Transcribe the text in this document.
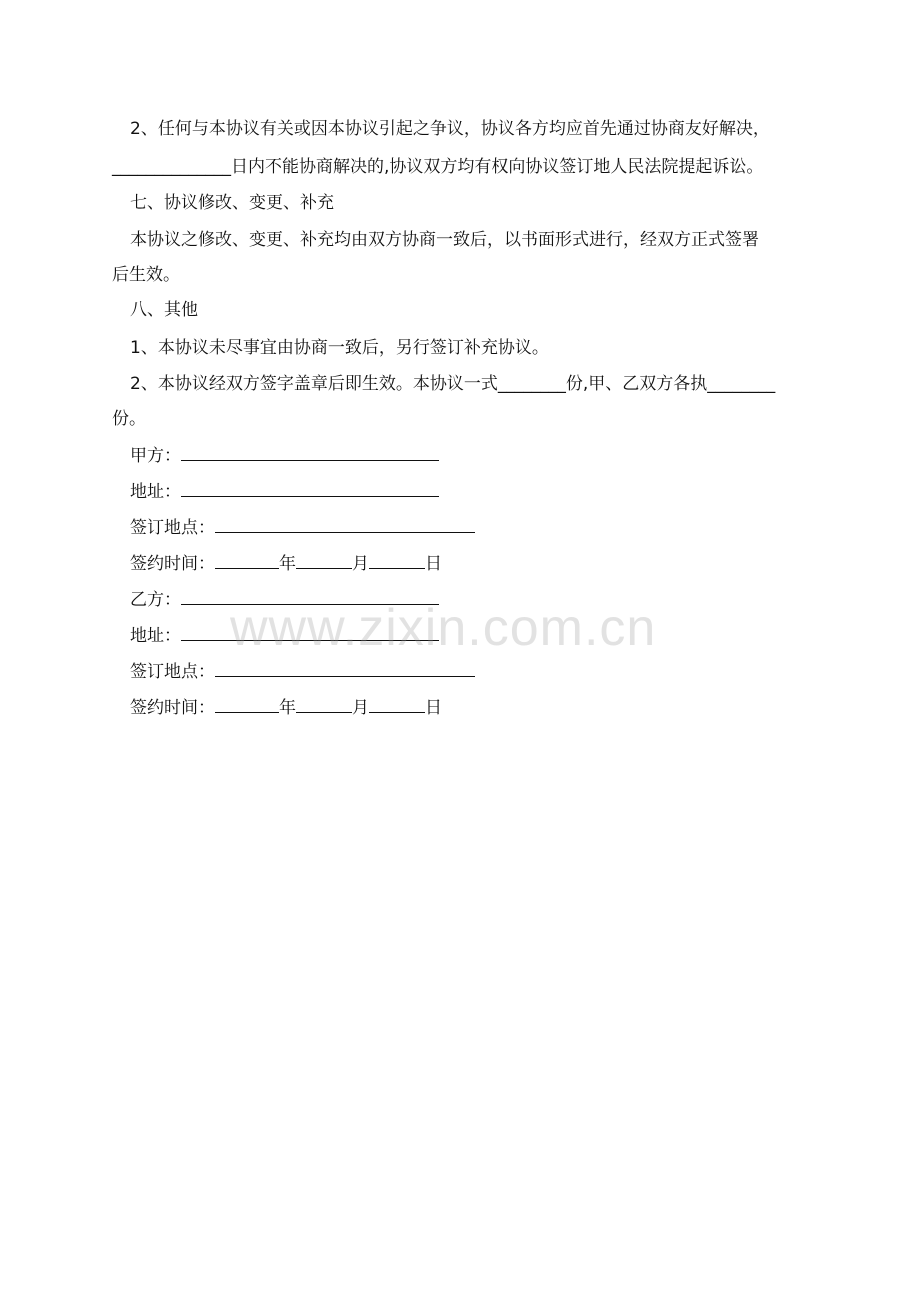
2、任何与本协议有关或因本协议引起之争议，协议各方均应首先通过协商友好解决，
______________日内不能协商解决的,协议双方均有权向协议签订地人民法院提起诉讼。
七、协议修改、变更、补充
本协议之修改、变更、补充均由双方协商一致后，以书面形式进行，经双方正式签署
后生效。
八、其他
1、本协议未尽事宜由协商一致后，另行签订补充协议。
2、本协议经双方签字盖章后即生效。本协议一式________份,甲、乙双方各执________
份。
甲方：
地址：
签订地点：
签约时间：	年	月	日
乙方：
地址：
签订地点：
签约时间：	年	月	日
www.zixin.com.cn
